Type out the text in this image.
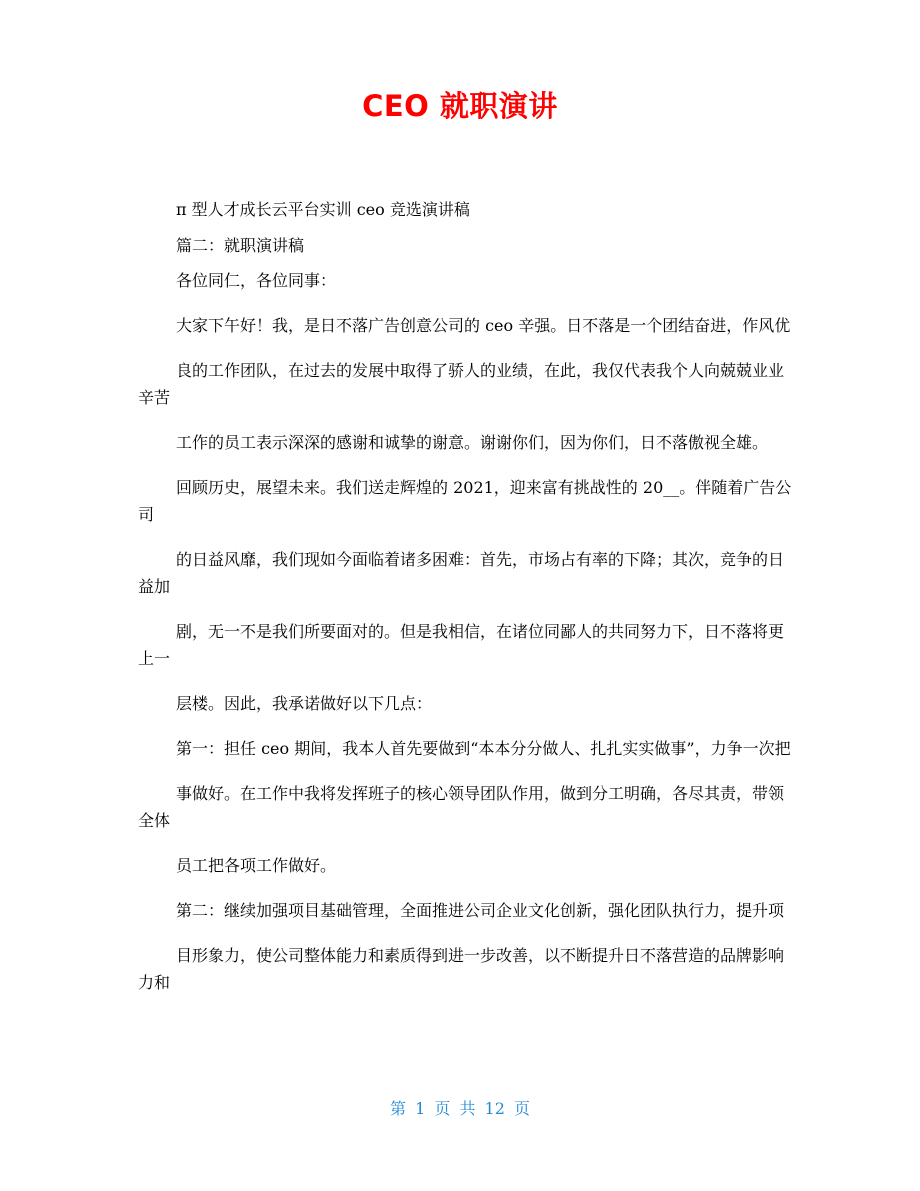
CEO 就职演讲

π 型人才成长云平台实训 ceo 竞选演讲稿

篇二：就职演讲稿

各位同仁，各位同事：

大家下午好！我，是日不落广告创意公司的 ceo 辛强。日不落是一个团结奋进，作风优

良的工作团队，在过去的发展中取得了骄人的业绩，在此，我仅代表我个人向兢兢业业辛苦

工作的员工表示深深的感谢和诚挚的谢意。谢谢你们，因为你们，日不落傲视全雄。

回顾历史，展望未来。我们送走辉煌的 2021，迎来富有挑战性的 20__。伴随着广告公司

的日益风靡，我们现如今面临着诸多困难：首先，市场占有率的下降；其次，竞争的日益加

剧，无一不是我们所要面对的。但是我相信，在诸位同鄙人的共同努力下，日不落将更上一

层楼。因此，我承诺做好以下几点：

第一：担任 ceo 期间，我本人首先要做到“本本分分做人、扎扎实实做事”，力争一次把

事做好。在工作中我将发挥班子的核心领导团队作用，做到分工明确，各尽其责，带领全体

员工把各项工作做好。

第二：继续加强项目基础管理，全面推进公司企业文化创新，强化团队执行力，提升项

目形象力，使公司整体能力和素质得到进一步改善，以不断提升日不落营造的品牌影响力和

第 1 页 共 12 页
